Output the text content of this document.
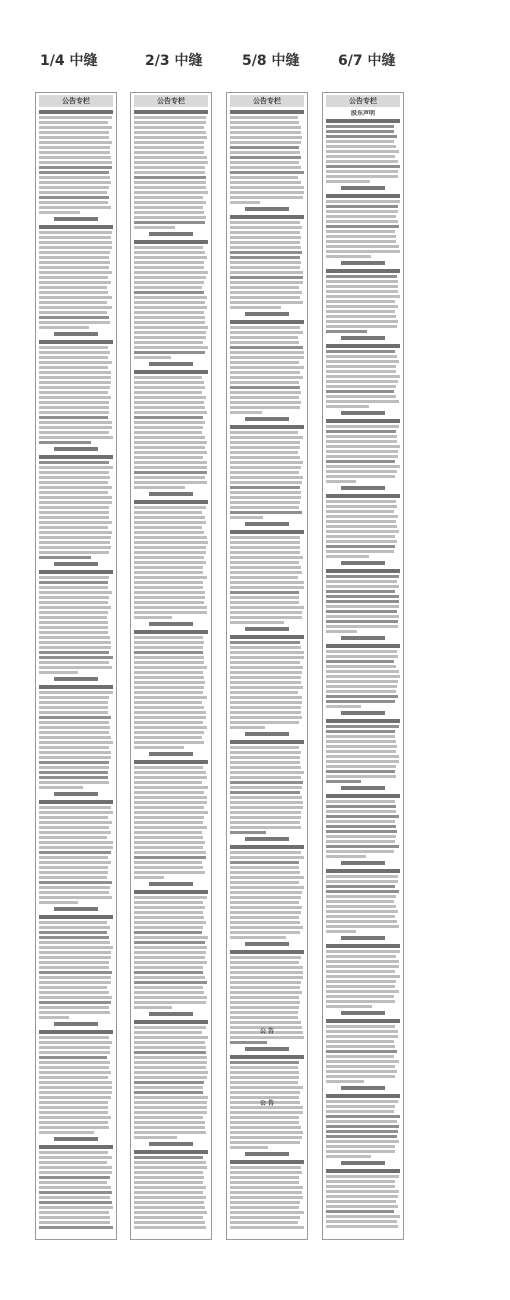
1/4 中缝	2/3 中缝	5/8 中缝	6/7 中缝
公告专栏	公告专栏	公告专栏
公 告
公 告
公告专栏
股东声明
